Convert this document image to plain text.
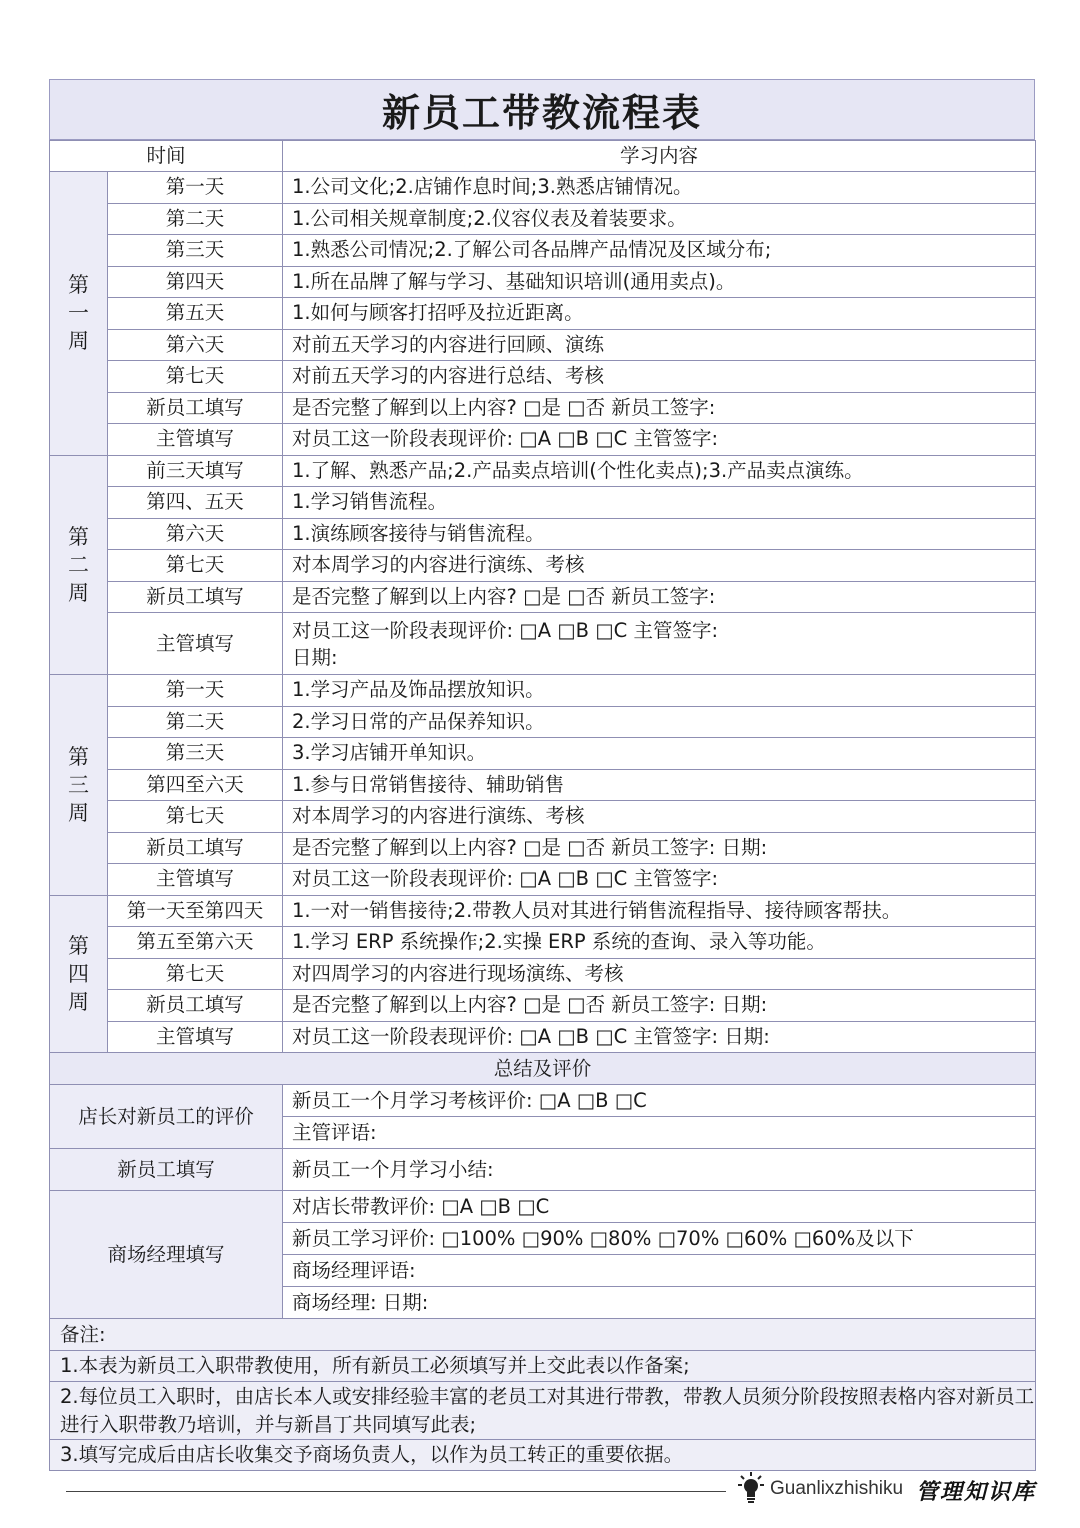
新员工带教流程表
时间		学习内容

第
一
周	第一天	1.公司文化;2.店铺作息时间;3.熟悉店铺情况。

	第二天	1.公司相关规章制度;2.仪容仪表及着装要求。

	第三天	1.熟悉公司情况;2.了解公司各品牌产品情况及区域分布;

	第四天	1.所在品牌了解与学习、基础知识培训(通用卖点)。

	第五天	1.如何与顾客打招呼及拉近距离。

	第六天	对前五天学习的内容进行回顾、演练

	第七天	对前五天学习的内容进行总结、考核

	新员工填写	是否完整了解到以上内容? □是 □否 新员工签字:

	主管填写	对员工这一阶段表现评价: □A □B □C 主管签字:

第
二
周	前三天填写	1.了解、熟悉产品;2.产品卖点培训(个性化卖点);3.产品卖点演练。

	第四、五天	1.学习销售流程。

	第六天	1.演练顾客接待与销售流程。

	第七天	对本周学习的内容进行演练、考核

	新员工填写	是否完整了解到以上内容? □是 □否 新员工签字:

	主管填写	对员工这一阶段表现评价: □A □B □C 主管签字:
日期:

第
三
周	第一天	1.学习产品及饰品摆放知识。

	第二天	2.学习日常的产品保养知识。

	第三天	3.学习店铺开单知识。

	第四至六天	1.参与日常销售接待、辅助销售

	第七天	对本周学习的内容进行演练、考核

	新员工填写	是否完整了解到以上内容? □是 □否 新员工签字: 日期:

	主管填写	对员工这一阶段表现评价: □A □B □C 主管签字:

第
四
周	第一天至第四天	1.一对一销售接待;2.带教人员对其进行销售流程指导、接待顾客帮扶。

	第五至第六天	1.学习 ERP 系统操作;2.实操 ERP 系统的查询、录入等功能。

	第七天	对四周学习的内容进行现场演练、考核

	新员工填写	是否完整了解到以上内容? □是 □否 新员工签字: 日期:

	主管填写	对员工这一阶段表现评价: □A □B □C 主管签字: 日期:

总结及评价		
店长对新员工的评价		新员工一个月学习考核评价: □A □B □C
		主管评语:
新员工填写		新员工一个月学习小结:
商场经理填写		对店长带教评价: □A □B □C
		新员工学习评价: □100% □90% □80% □70% □60% □60%及以下
		商场经理评语:
		商场经理: 日期:
备注:		
1.本表为新员工入职带教使用，所有新员工必须填写并上交此表以作备案;		
2.每位员工入职时，由店长本人或安排经验丰富的老员工对其进行带教，带教人员须分阶段按照表格内容对新员工进行入职带教乃培训，并与新昌丁共同填写此表;		
3.填写完成后由店长收集交予商场负责人，以作为员工转正的重要依据。		
Guanlixzhishiku 管理知识库
